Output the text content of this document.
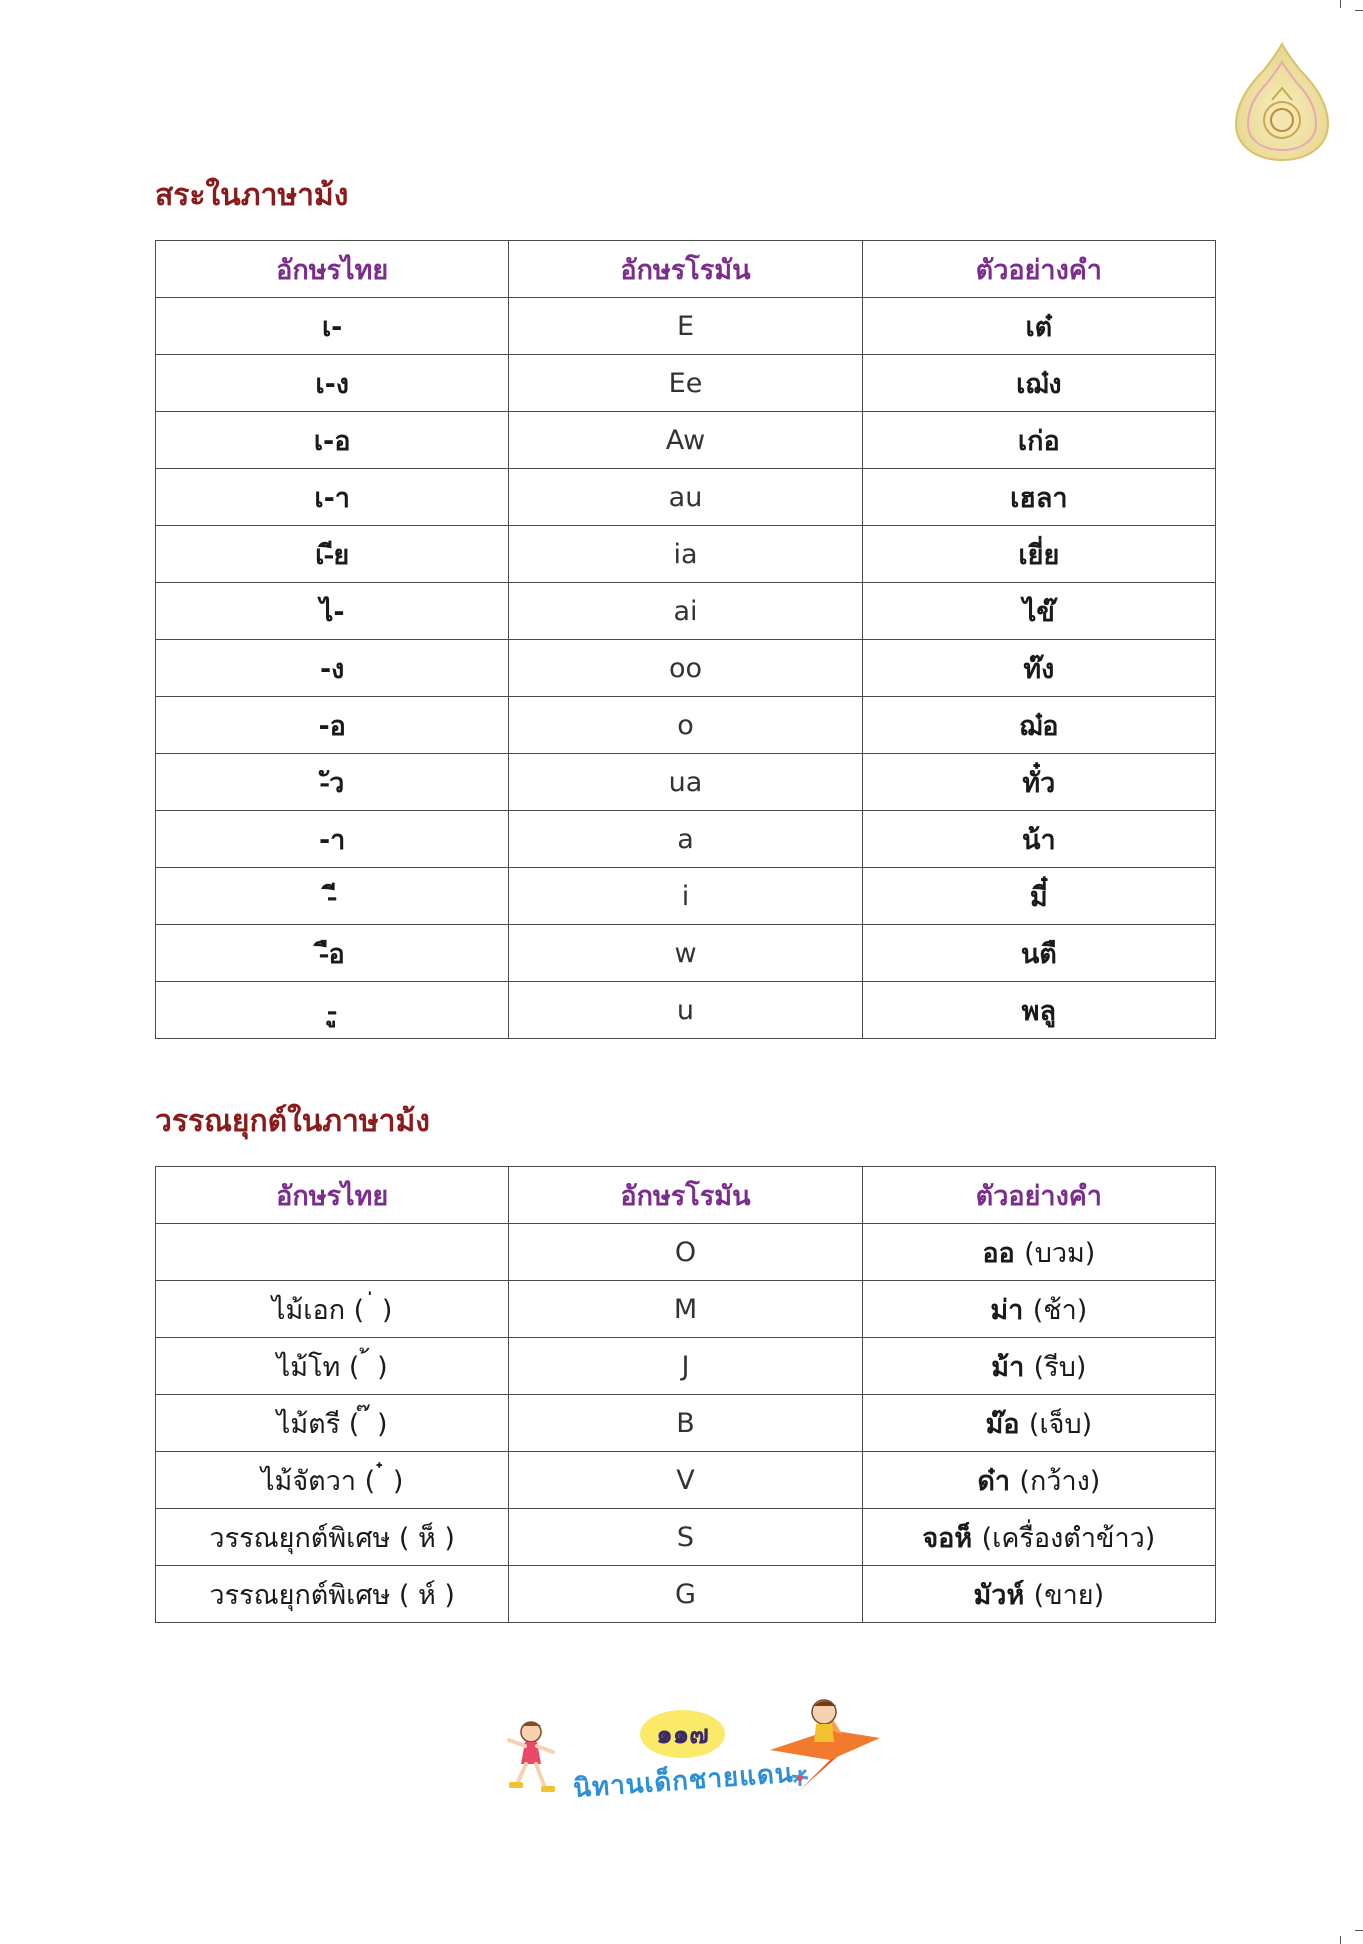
สระในภาษาม้ง
อักษรไทย	อักษรโรมัน	ตัวอย่างคำ
เ-	E	เต๋
เ-ง	Ee	เฌ๋ง
เ-อ	Aw	เก่อ
เ-า	au	เฮลา
เ-ีย	ia	เยี่ย
ไ-	ai	ไข๊
-ง	oo	ท๊ง
-อ	o	ฌ๋อ
-ัว	ua	ทั๋ว
-า	a	น้า
-ี	i	มี๋
-ือ	w	นตื
-ู	u	พลู
วรรณยุกต์ในภาษาม้ง
อักษรไทย	อักษรโรมัน	ตัวอย่างคำ
	O	ออ (บวม)
ไม้เอก ( ่ )	M	ม่า (ช้า)
ไม้โท ( ้ )	J	ม้า (รีบ)
ไม้ตรี ( ๊ )	B	ม๊อ (เจ็บ)
ไม้จัตวา ( ๋ )	V	ด๋า (กว้าง)
วรรณยุกต์พิเศษ ( ห็ )	S	จอห็ (เครื่องตำข้าว)
วรรณยุกต์พิเศษ ( ห์ )	G	มัวห์ (ขาย)
๑๑๗
นิทานเด็กชายแดน
